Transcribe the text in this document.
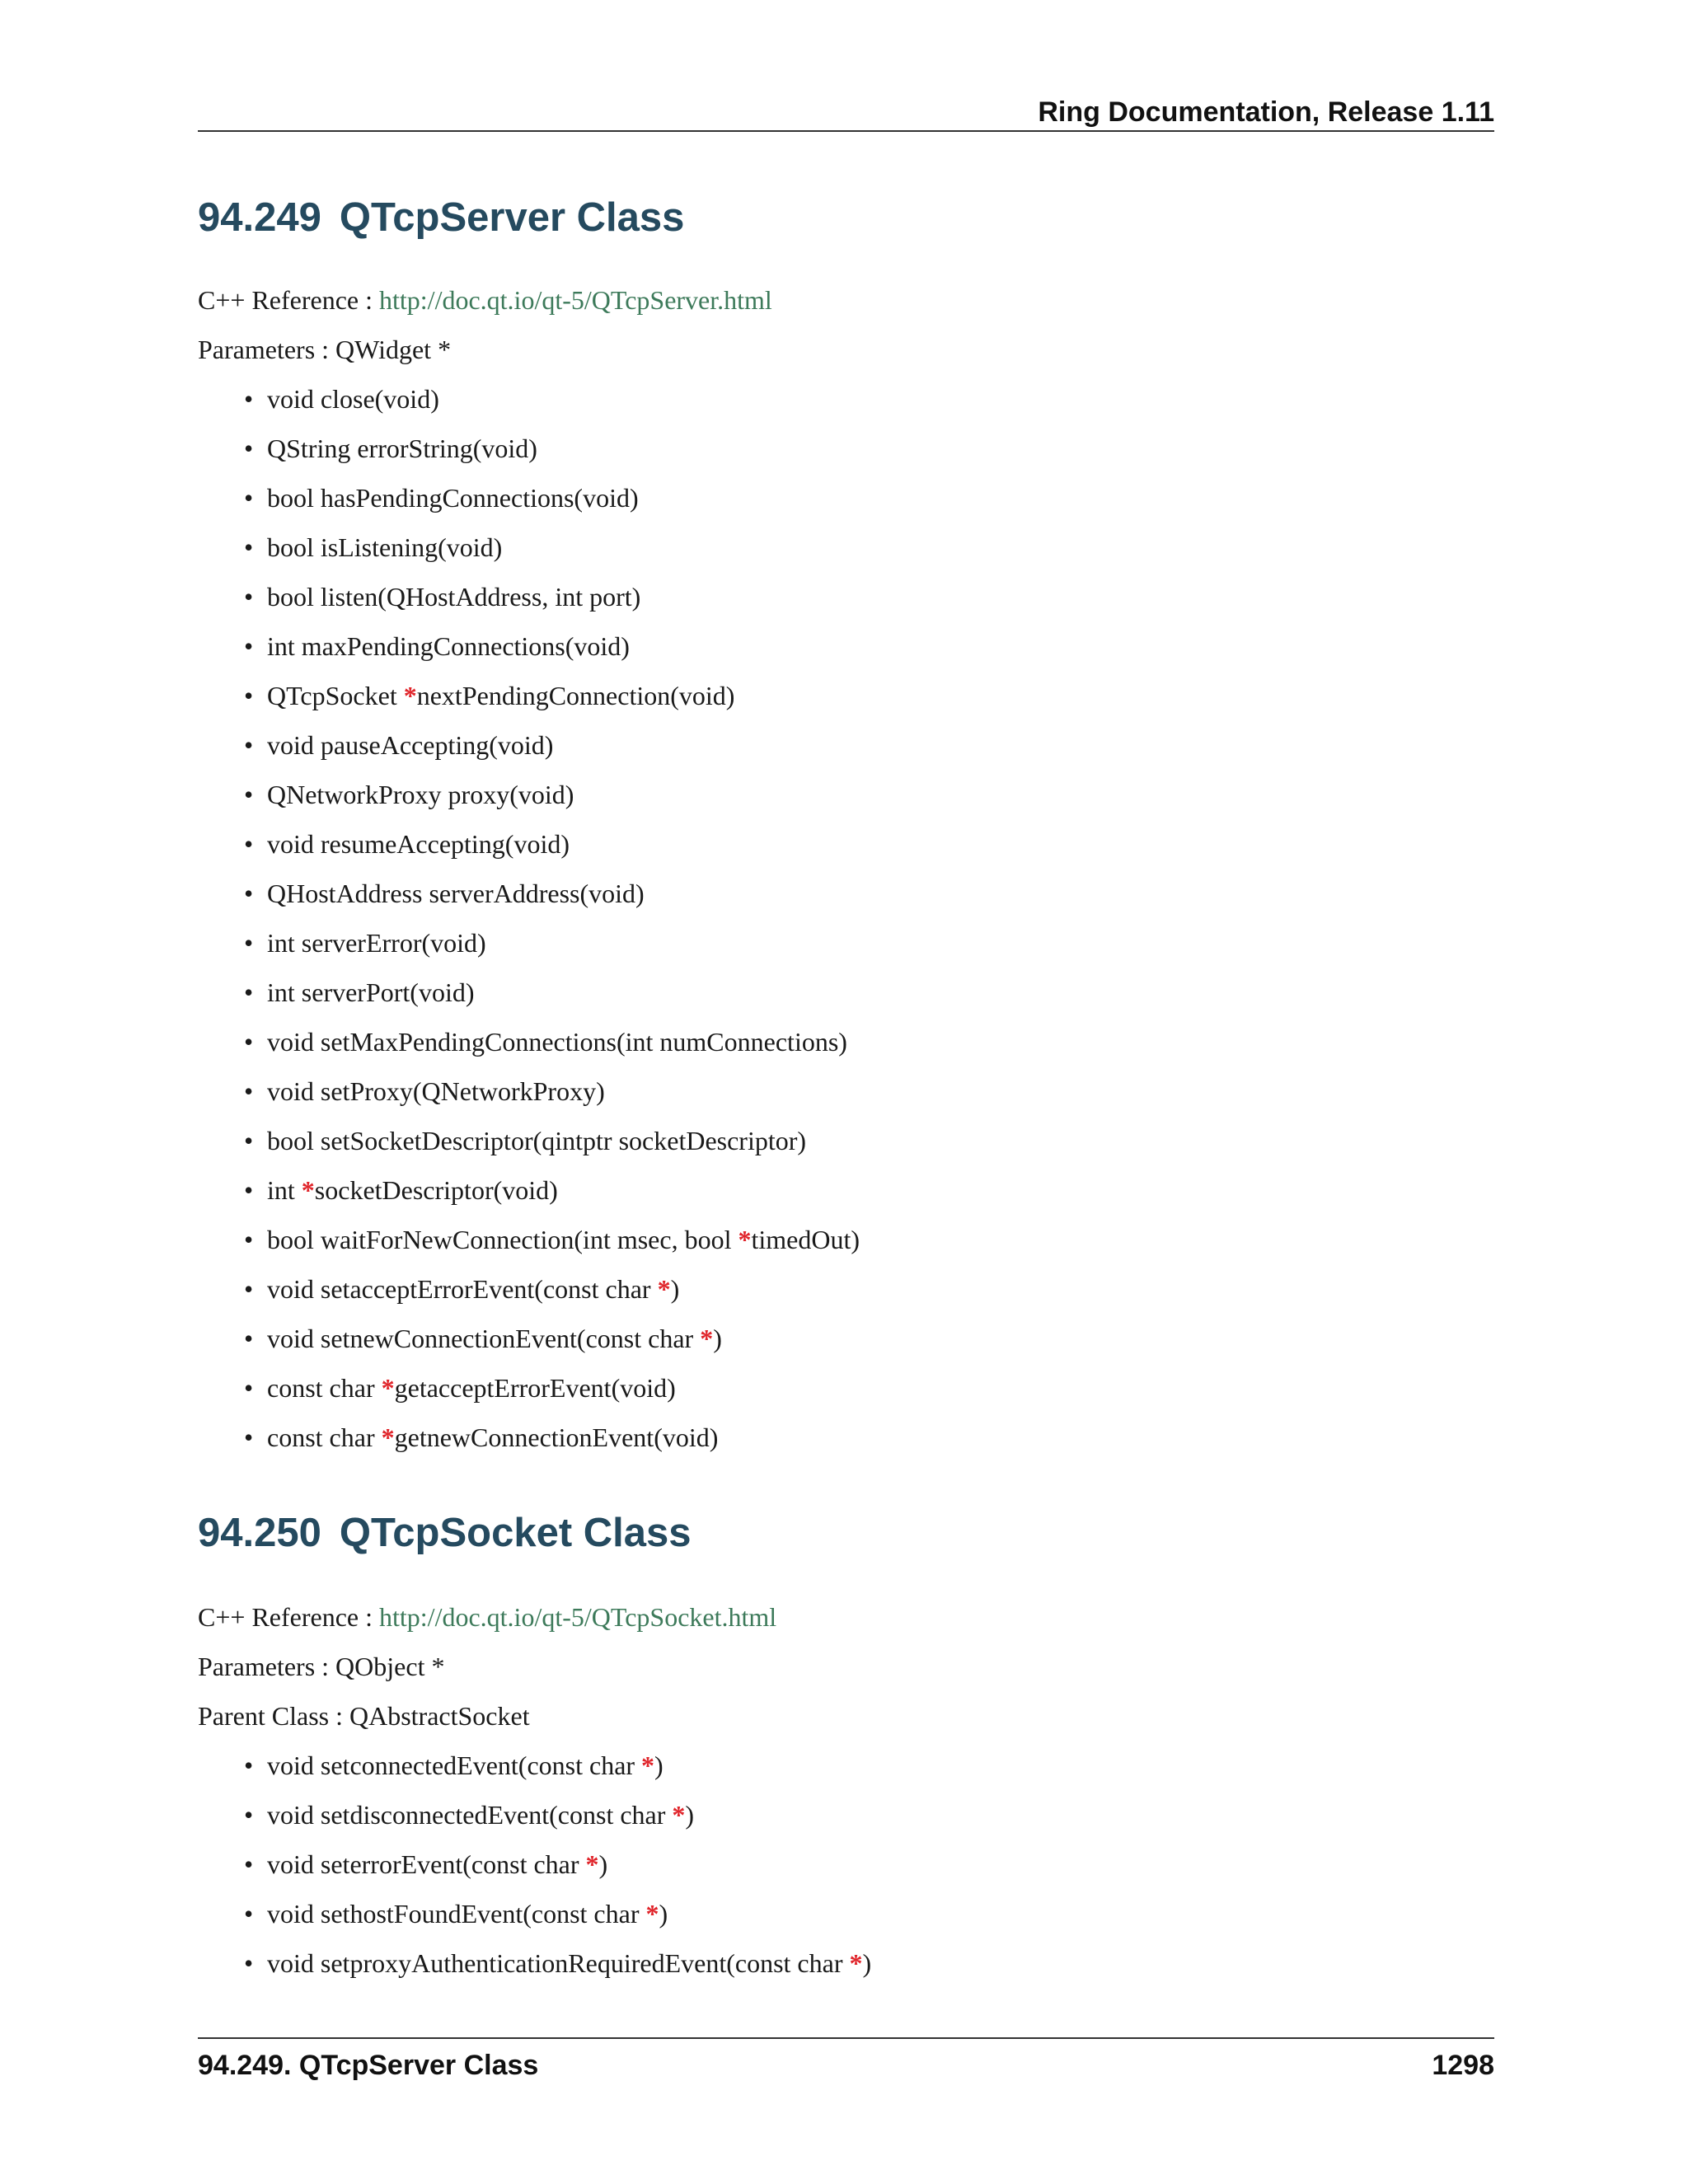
Ring Documentation, Release 1.11
94.249 QTcpServer Class
C++ Reference : http://doc.qt.io/qt-5/QTcpServer.html
Parameters : QWidget *
• void close(void)
• QString errorString(void)
• bool hasPendingConnections(void)
• bool isListening(void)
• bool listen(QHostAddress, int port)
• int maxPendingConnections(void)
• QTcpSocket *nextPendingConnection(void)
• void pauseAccepting(void)
• QNetworkProxy proxy(void)
• void resumeAccepting(void)
• QHostAddress serverAddress(void)
• int serverError(void)
• int serverPort(void)
• void setMaxPendingConnections(int numConnections)
• void setProxy(QNetworkProxy)
• bool setSocketDescriptor(qintptr socketDescriptor)
• int *socketDescriptor(void)
• bool waitForNewConnection(int msec, bool *timedOut)
• void setacceptErrorEvent(const char *)
• void setnewConnectionEvent(const char *)
• const char *getacceptErrorEvent(void)
• const char *getnewConnectionEvent(void)
94.250 QTcpSocket Class
C++ Reference : http://doc.qt.io/qt-5/QTcpSocket.html
Parameters : QObject *
Parent Class : QAbstractSocket
• void setconnectedEvent(const char *)
• void setdisconnectedEvent(const char *)
• void seterrorEvent(const char *)
• void sethostFoundEvent(const char *)
• void setproxyAuthenticationRequiredEvent(const char *)
94.249. QTcpServer Class	1298
